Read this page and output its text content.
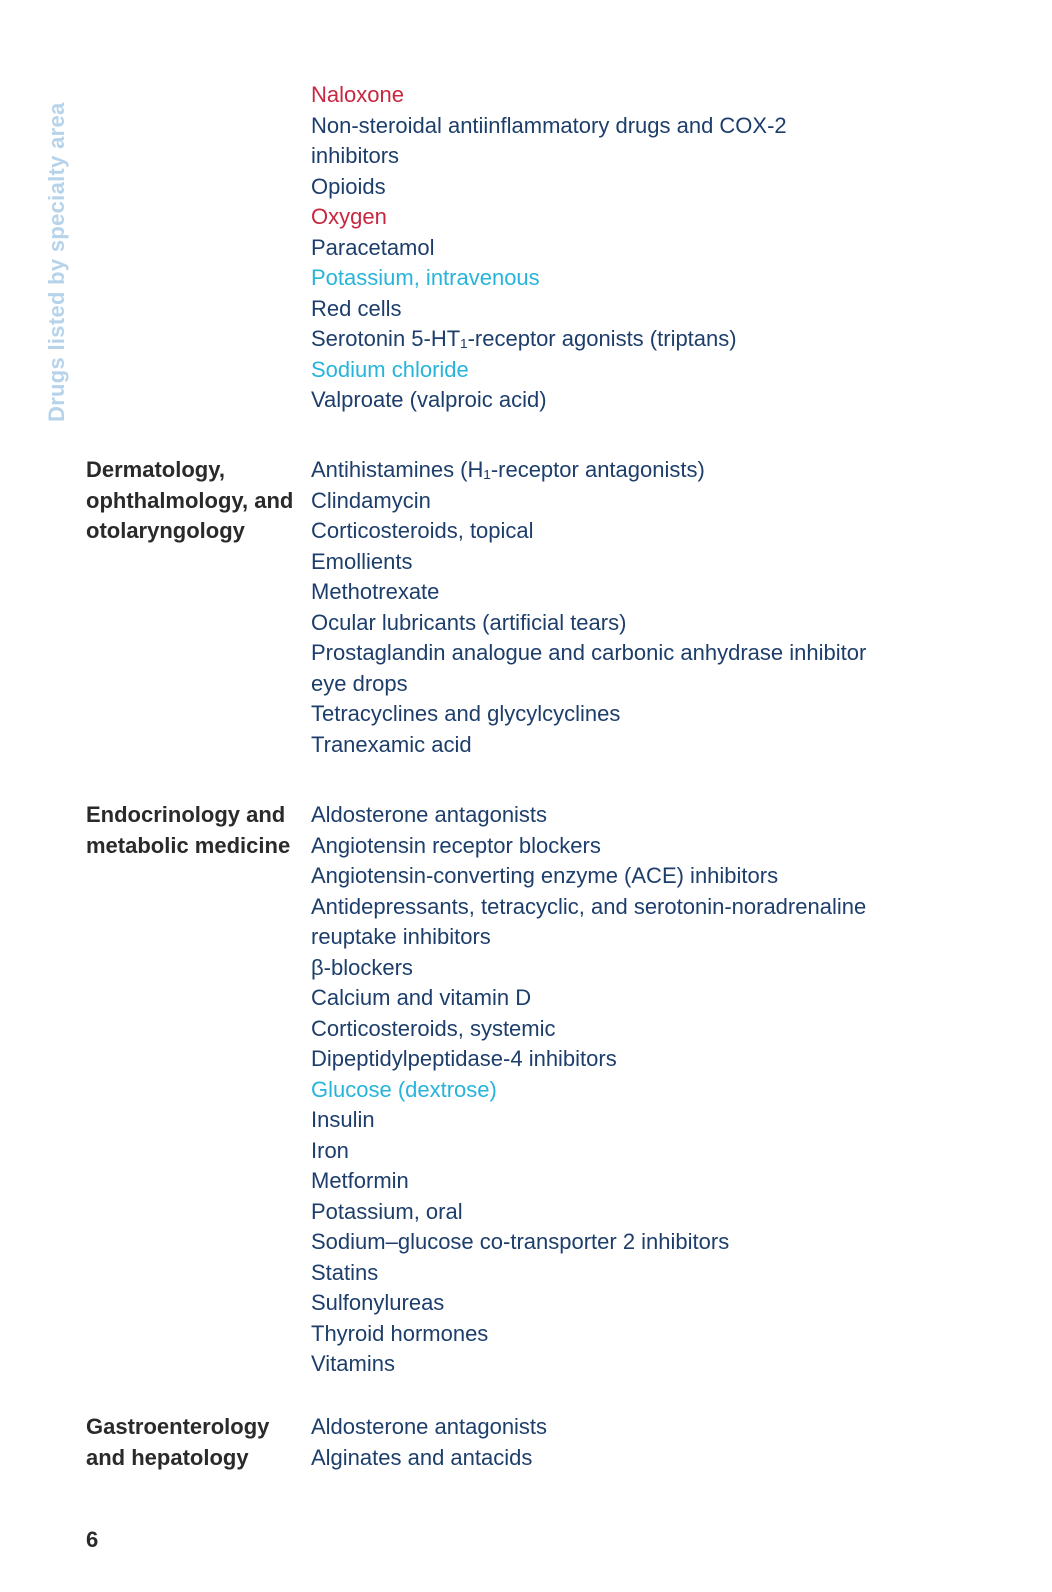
Drugs listed by specialty area
Naloxone
Non-steroidal antiinflammatory drugs and COX-2
inhibitors
Opioids
Oxygen
Paracetamol
Potassium, intravenous
Red cells
Serotonin 5-HT₁-receptor agonists (triptans)
Sodium chloride
Valproate (valproic acid)
Dermatology, ophthalmology, and otolaryngology
Antihistamines (H₁-receptor antagonists)
Clindamycin
Corticosteroids, topical
Emollients
Methotrexate
Ocular lubricants (artificial tears)
Prostaglandin analogue and carbonic anhydrase inhibitor
eye drops
Tetracyclines and glycylcyclines
Tranexamic acid
Endocrinology and metabolic medicine
Aldosterone antagonists
Angiotensin receptor blockers
Angiotensin-converting enzyme (ACE) inhibitors
Antidepressants, tetracyclic, and serotonin-noradrenaline
reuptake inhibitors
β-blockers
Calcium and vitamin D
Corticosteroids, systemic
Dipeptidylpeptidase-4 inhibitors
Glucose (dextrose)
Insulin
Iron
Metformin
Potassium, oral
Sodium–glucose co-transporter 2 inhibitors
Statins
Sulfonylureas
Thyroid hormones
Vitamins
Gastroenterology and hepatology
Aldosterone antagonists
Alginates and antacids
6
